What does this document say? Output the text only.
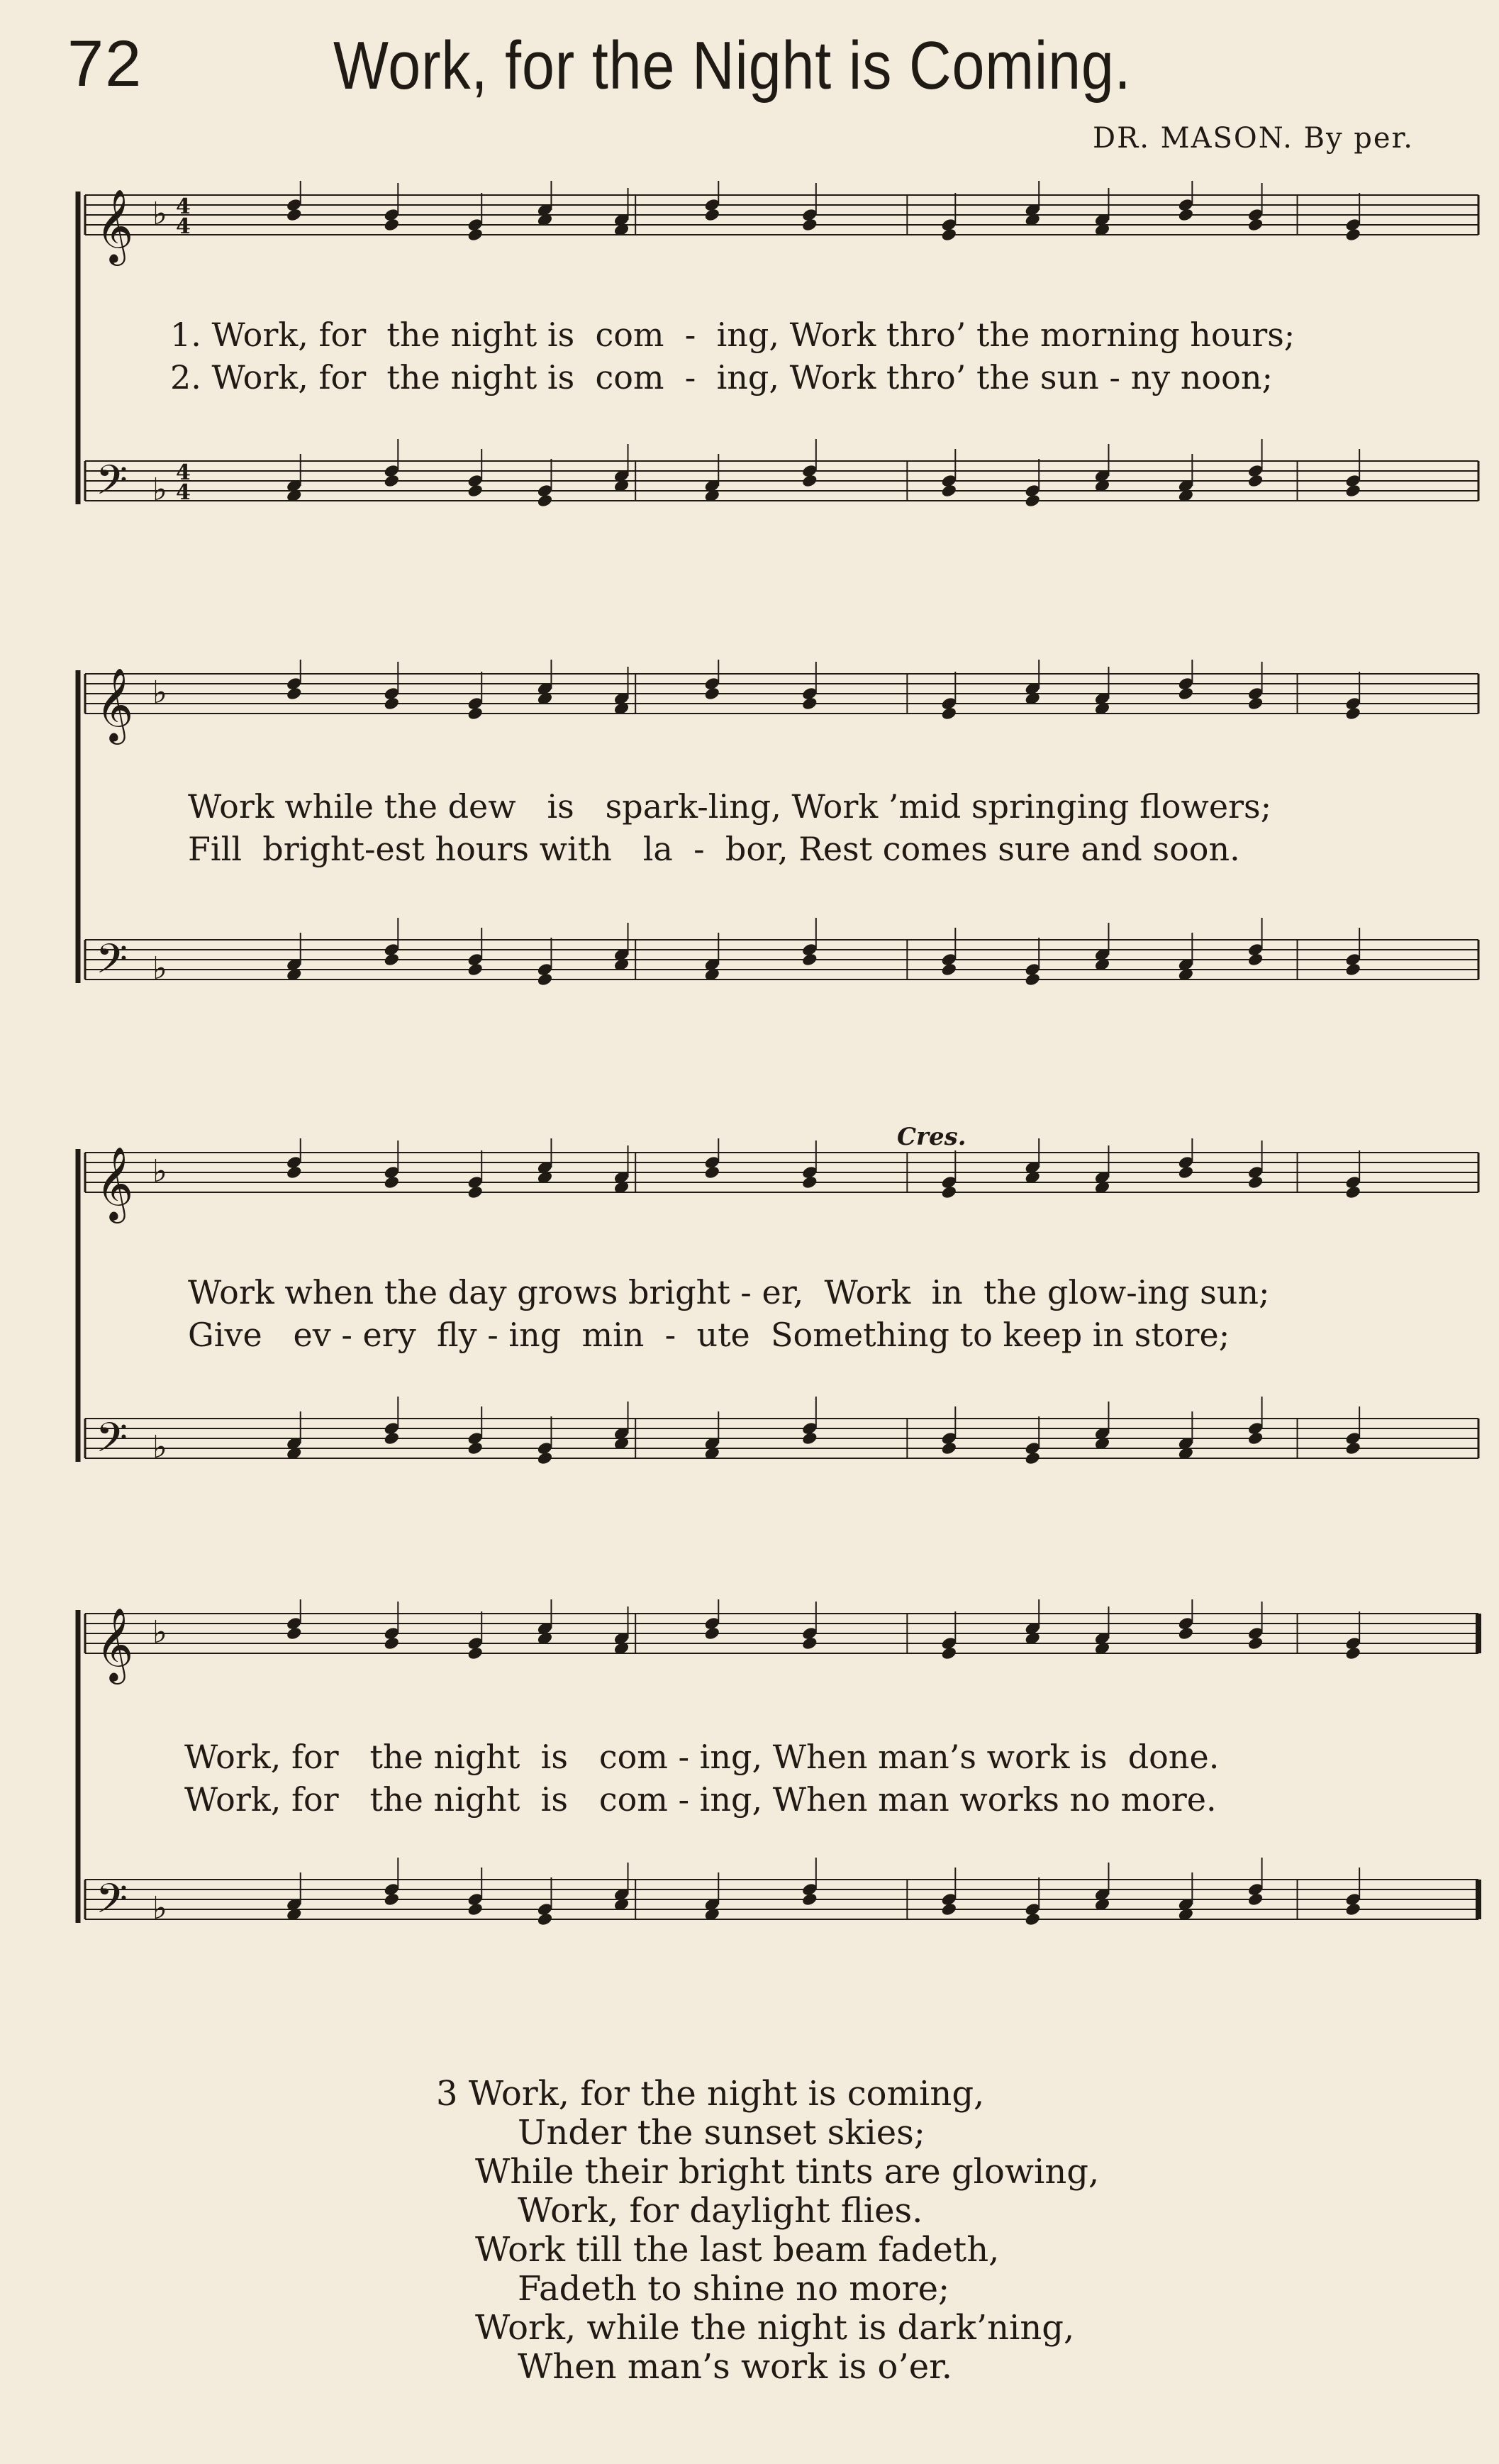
72	Work, for the Night is Coming.
DR. MASON. By per.
𝄞 ♭ 4
4
𝄢 ♭ 4
4
1. Work, for  the night is  com  -  ing, Work thro’ the morning hours;
2. Work, for  the night is  com  -  ing, Work thro’ the sun - ny noon;
𝄞 ♭
𝄢 ♭
Work while the dew   is   spark-ling, Work ’mid springing flowers;
Fill  bright-est hours with   la  -  bor, Rest comes sure and soon.
𝄞 ♭
𝄢 ♭
Cres.
Work when the day grows bright - er,  Work  in  the glow-ing sun;
Give   ev - ery  fly - ing  min  -  ute  Something to keep in store;
𝄞 ♭
𝄢 ♭
Work, for   the night  is   com - ing, When man’s work is  done.
Work, for   the night  is   com - ing, When man works no more.
3 Work, for the night is coming,
Under the sunset skies;
While their bright tints are glowing,
Work, for daylight flies.
Work till the last beam fadeth,
Fadeth to shine no more;
Work, while the night is dark’ning,
When man’s work is o’er.
